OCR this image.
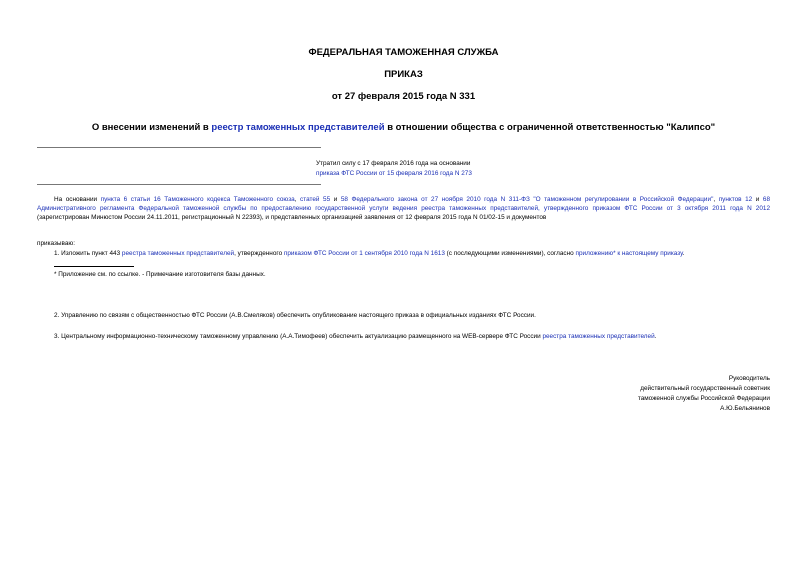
ФЕДЕРАЛЬНАЯ ТАМОЖЕННАЯ СЛУЖБА
ПРИКАЗ
от 27 февраля 2015 года N 331
О внесении изменений в реестр таможенных представителей в отношении общества с ограниченной ответственностью "Калипсо"
Утратил силу с 17 февраля 2016 года на основании
приказа ФТС России от 15 февраля 2016 года N 273
На основании пункта 6 статьи 16 Таможенного кодекса Таможенного союза, статей 55 и 58 Федерального закона от 27 ноября 2010 года N 311-ФЗ "О таможенном регулировании в Российской Федерации", пунктов 12 и 68 Административного регламента Федеральной таможенной службы по предоставлению государственной услуги ведения реестра таможенных представителей, утвержденного приказом ФТС России от 3 октября 2011 года N 2012 (зарегистрирован Минюстом России 24.11.2011, регистрационный N 22393), и представленных организацией заявления от 12 февраля 2015 года N 01/02-15 и документов
приказываю:
1. Изложить пункт 443 реестра таможенных представителей, утвержденного приказом ФТС России от 1 сентября 2010 года N 1613 (с последующими изменениями), согласно приложению* к настоящему приказу.
* Приложение см. по ссылке. - Примечание изготовителя базы данных.
2. Управлению по связям с общественностью ФТС России (А.В.Смеляков) обеспечить опубликование настоящего приказа в официальных изданиях ФТС России.
3. Центральному информационно-техническому таможенному управлению (А.А.Тимофеев) обеспечить актуализацию размещенного на WEB-сервере ФТС России реестра таможенных представителей.
Руководитель
действительный государственный советник
таможенной службы Российской Федерации
А.Ю.Бельянинов
